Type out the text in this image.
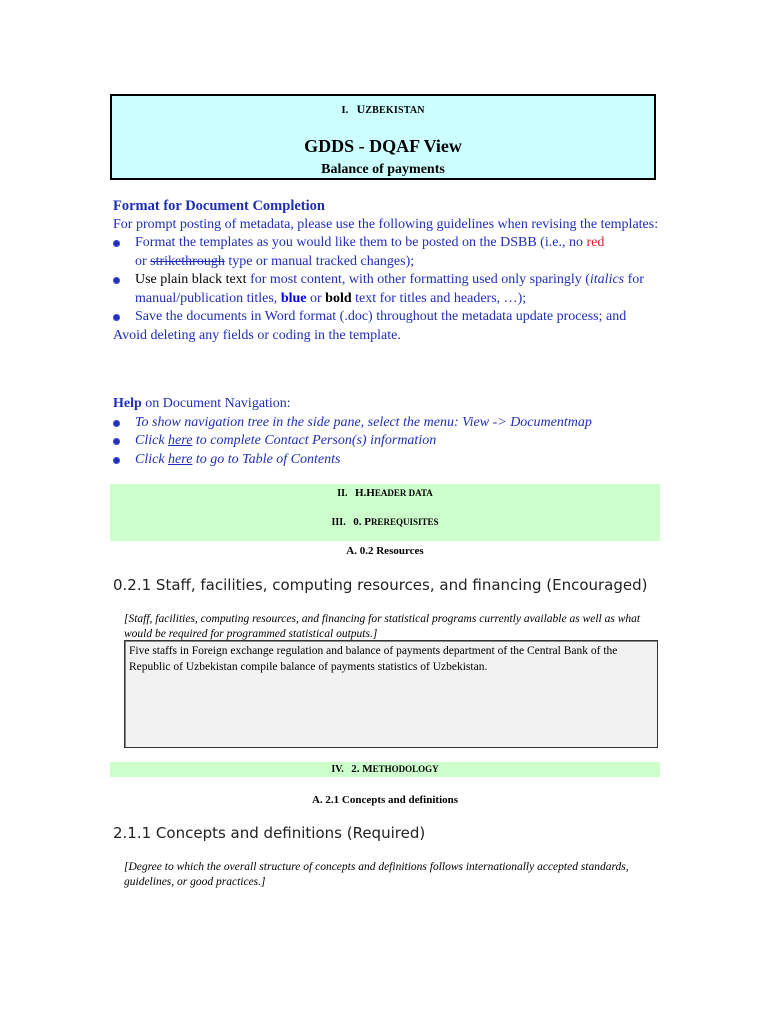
I. UZBEKISTAN
GDDS - DQAF View
Balance of payments
Format for Document Completion
For prompt posting of metadata, please use the following guidelines when revising the templates:
Format the templates as you would like them to be posted on the DSBB (i.e., no red
or strikethrough type or manual tracked changes);
Use plain black text for most content, with other formatting used only sparingly (italics for manual/publication titles, blue or bold text for titles and headers, …);
Save the documents in Word format (.doc) throughout the metadata update process; and
Avoid deleting any fields or coding in the template.
Help on Document Navigation:
To show navigation tree in the side pane, select the menu: View -> Documentmap
Click here to complete Contact Person(s) information
Click here to go to Table of Contents
II. H.HEADER DATA
III. 0. PREREQUISITES
A. 0.2 Resources
0.2.1 Staff, facilities, computing resources, and financing (Encouraged)
[Staff, facilities, computing resources, and financing for statistical programs currently available as well as what would be required for programmed statistical outputs.]
Five staffs in Foreign exchange regulation and balance of payments department of the Central Bank of the Republic of Uzbekistan compile balance of payments statistics of Uzbekistan.
IV. 2. METHODOLOGY
A. 2.1 Concepts and definitions
2.1.1 Concepts and definitions (Required)
[Degree to which the overall structure of concepts and definitions follows internationally accepted standards, guidelines, or good practices.]
